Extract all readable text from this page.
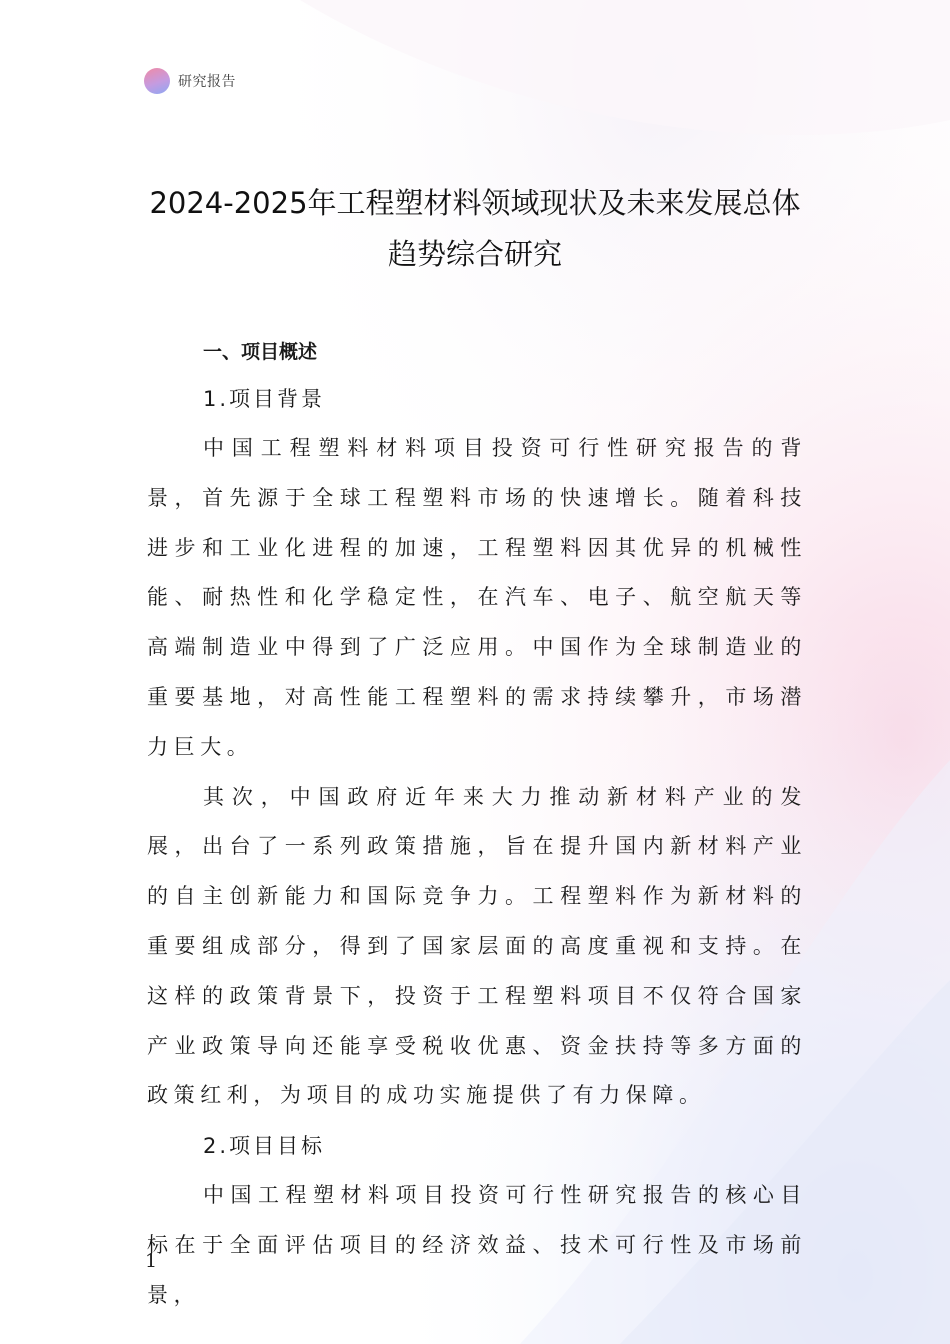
研究报告
2024-2025年工程塑材料领域现状及未来发展总体趋势综合研究
一、项目概述
1.项目背景

中国工程塑料材料项目投资可行性研究报告的背景，首先源于全球工程塑料市场的快速增长。随着科技进步和工业化进程的加速，工程塑料因其优异的机械性能、耐热性和化学稳定性，在汽车、电子、航空航天等高端制造业中得到了广泛应用。中国作为全球制造业的重要基地，对高性能工程塑料的需求持续攀升，市场潜力巨大。

其次，中国政府近年来大力推动新材料产业的发展，出台了一系列政策措施，旨在提升国内新材料产业的自主创新能力和国际竞争力。工程塑料作为新材料的重要组成部分，得到了国家层面的高度重视和支持。在这样的政策背景下，投资于工程塑料项目不仅符合国家产业政策导向还能享受税收优惠、资金扶持等多方面的政策红利，为项目的成功实施提供了有力保障。

2.项目目标

中国工程塑材料项目投资可行性研究报告的核心目标在于全面评估项目的经济效益、技术可行性及市场前景，

1
